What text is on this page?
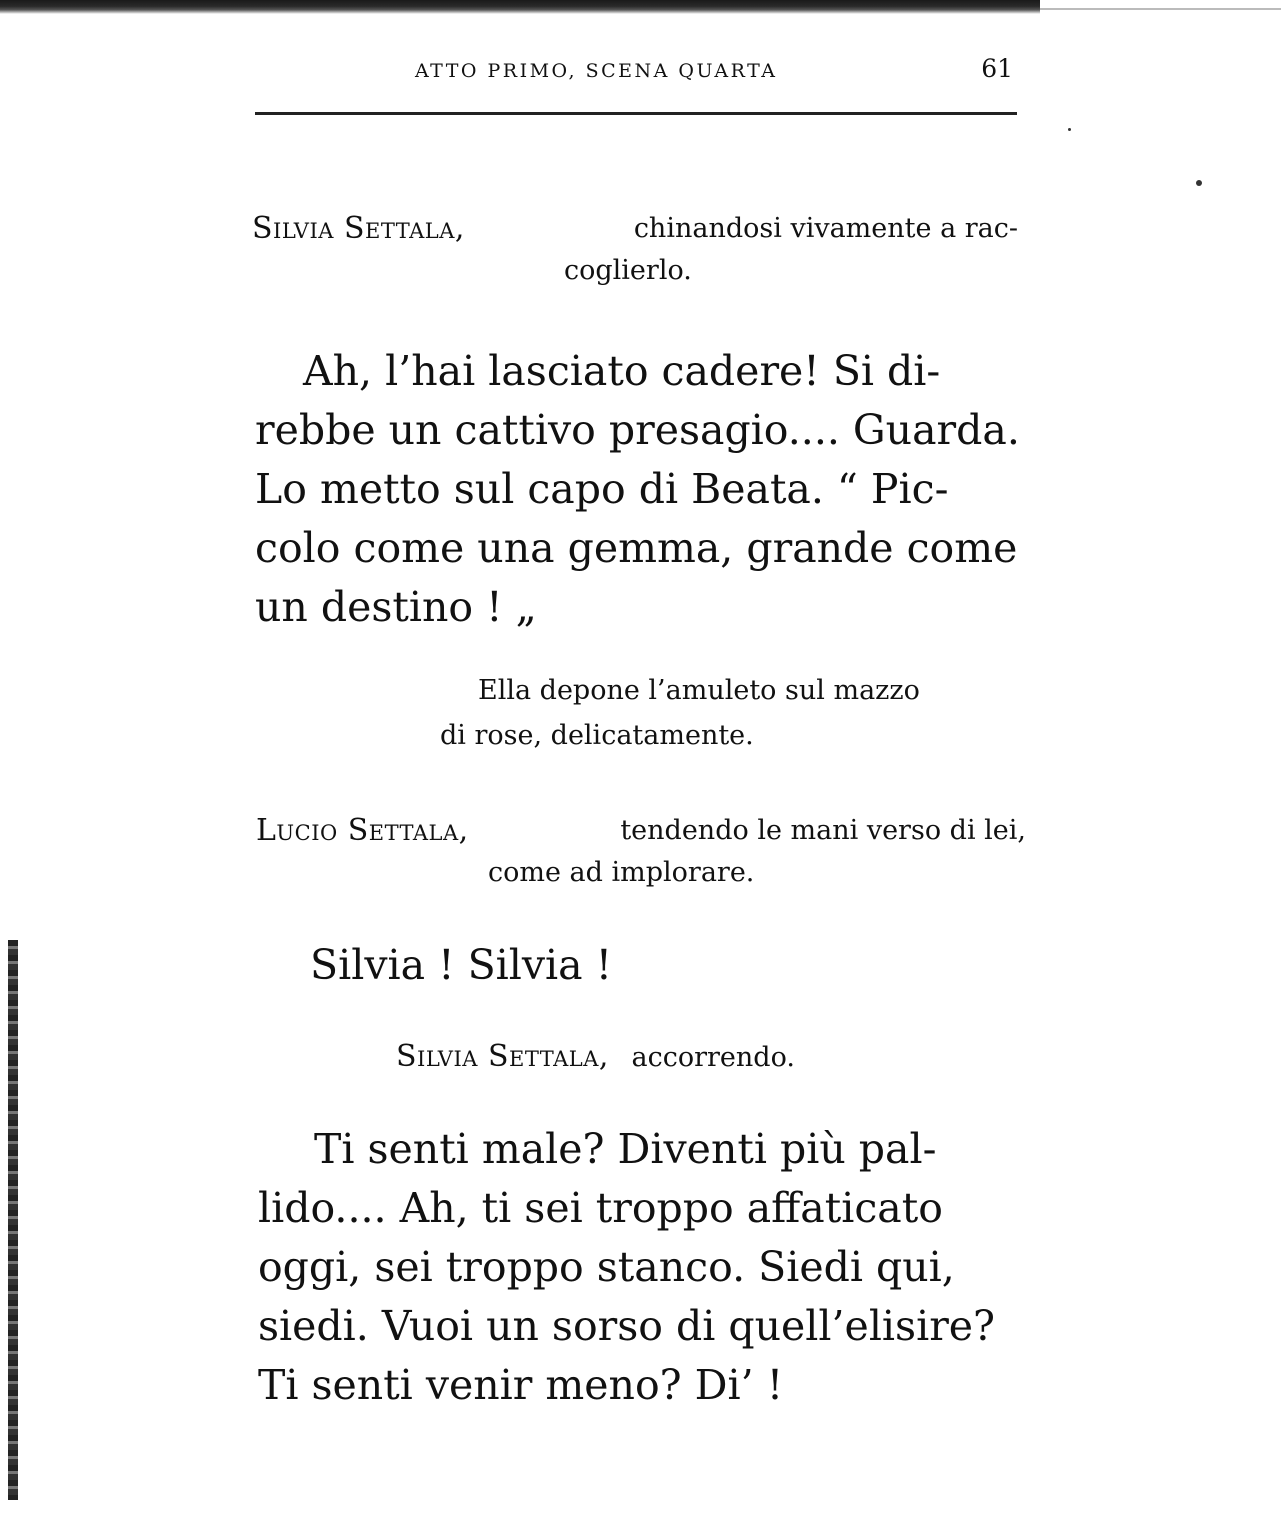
ATTO PRIMO, SCENA QUARTA	61
Silvia Settala,	chinandosi vivamente a rac-
coglierlo.
Ah, l’hai lasciato cadere! Si di-
rebbe un cattivo presagio.... Guarda.
Lo metto sul capo di Beata. “ Pic-
colo come una gemma, grande come
un destino ! „
Ella depone l’amuleto sul mazzo
di rose, delicatamente.
Lucio Settala,	tendendo le mani verso di lei,
come ad implorare.
Silvia ! Silvia !
Silvia Settala, accorrendo.
Ti senti male? Diventi più pal-
lido.... Ah, ti sei troppo affaticato
oggi, sei troppo stanco. Siedi qui,
siedi. Vuoi un sorso di quell’elisire?
Ti senti venir meno? Di’ !
